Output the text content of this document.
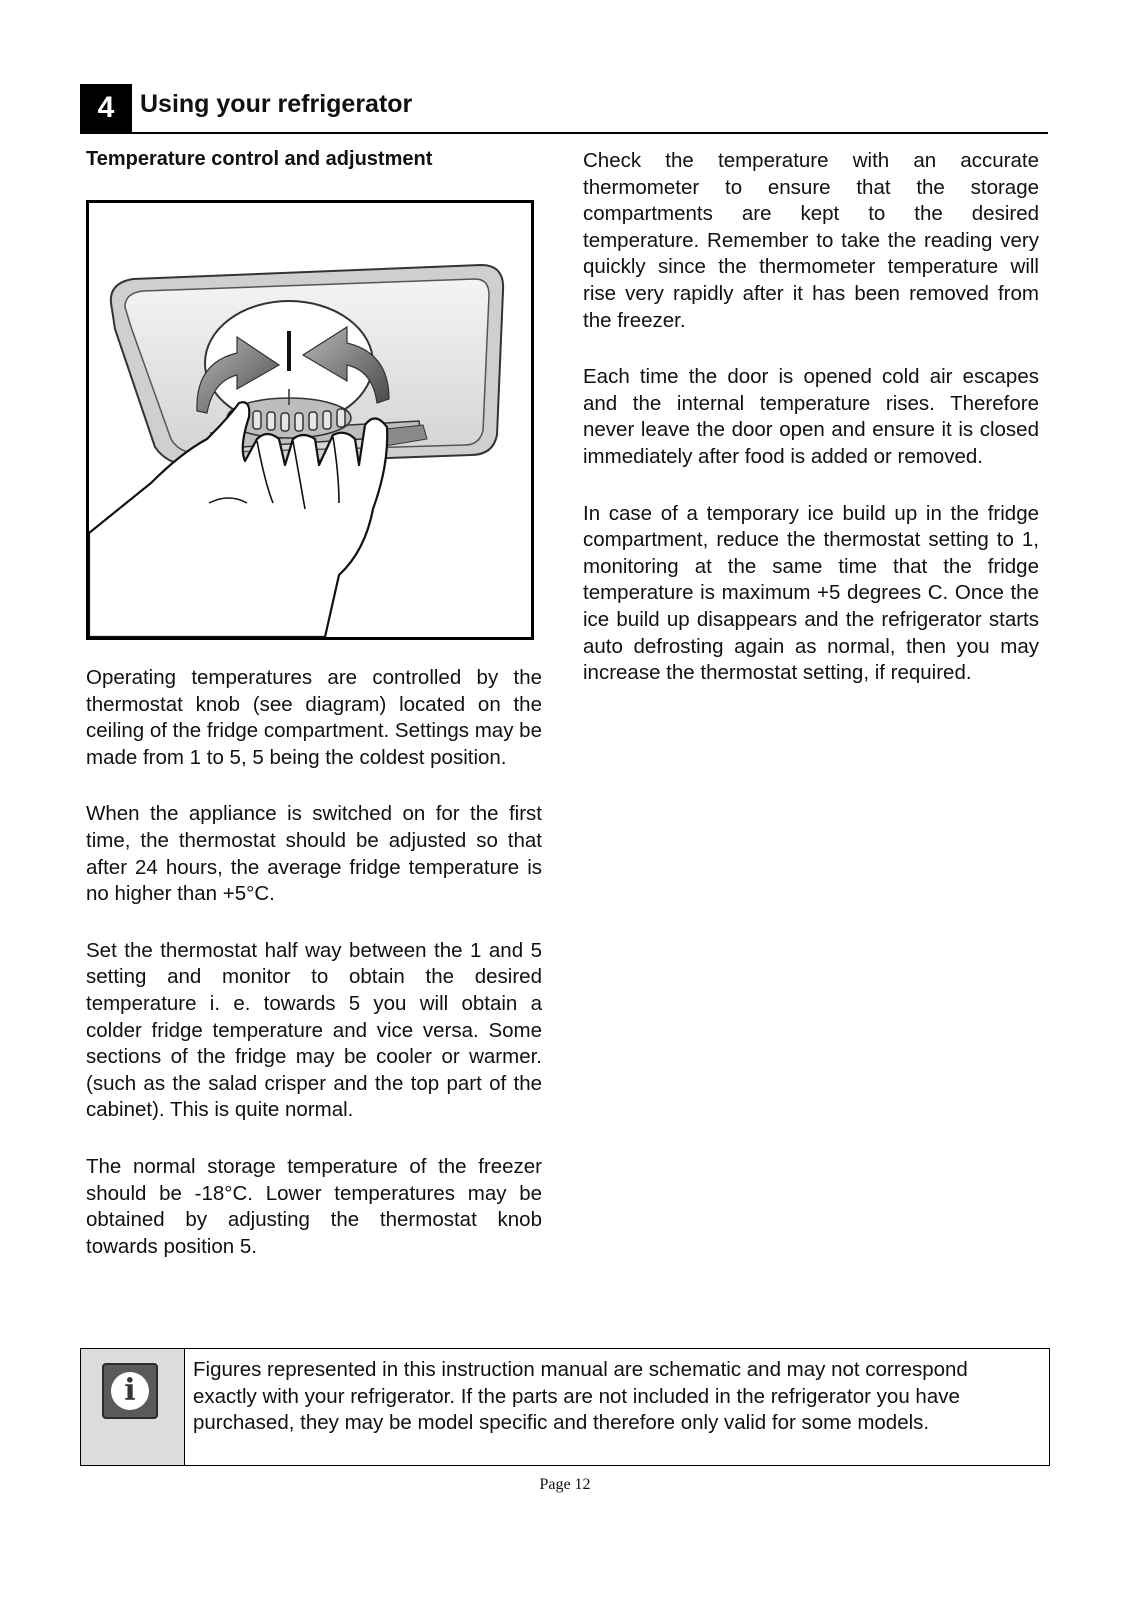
4	Using your refrigerator
Temperature control and adjustment

Operating temperatures are controlled by the thermostat knob (see diagram) located on the ceiling of the fridge compartment. Settings may be made from 1 to 5, 5 being the coldest position.

When the appliance is switched on for the first time, the thermostat should be adjusted so that after 24 hours, the average fridge temperature is no higher than +5°C.

Set the thermostat half way between the 1 and 5 setting and monitor to obtain the desired temperature i. e. towards 5 you will obtain a colder fridge temperature and vice versa. Some sections of the fridge may be cooler or warmer. (such as the salad crisper and the top part of the cabinet). This is quite normal.

The normal storage temperature of the freezer should be -18°C. Lower temperatures may be obtained by adjusting the thermostat knob towards position 5.

Check the temperature with an accurate thermometer to ensure that the storage compartments are kept to the desired temperature. Remember to take the reading very quickly since the thermometer temperature will rise very rapidly after it has been removed from the freezer.

Each time the door is opened cold air escapes and the internal temperature rises. Therefore never leave the door open and ensure it is closed immediately after food is added or removed.

In case of a temporary ice build up in the fridge compartment, reduce the thermostat setting to 1, monitoring at the same time that the fridge temperature is maximum +5 degrees C. Once the ice build up disappears and the refrigerator starts auto defrosting again as normal, then you may increase the thermostat setting, if required.

i
Figures represented in this instruction manual are schematic and may not correspond exactly with your refrigerator. If the parts are not included in the refrigerator you have purchased, they may be model specific and therefore only valid for some models.
Page 12
